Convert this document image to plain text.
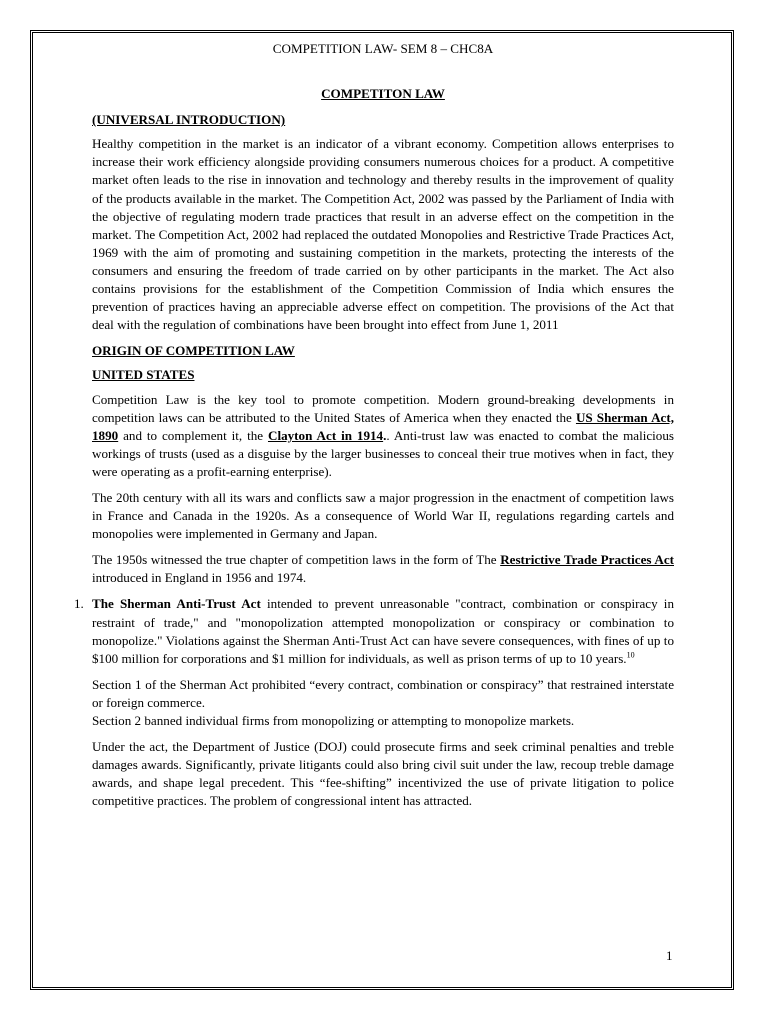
COMPETITION LAW- SEM 8 – CHC8A
COMPETITON LAW
(UNIVERSAL INTRODUCTION)

Healthy competition in the market is an indicator of a vibrant economy. Competition allows enterprises to increase their work efficiency alongside providing consumers numerous choices for a product. A competitive market often leads to the rise in innovation and technology and thereby results in the improvement of quality of the products available in the market. The Competition Act, 2002 was passed by the Parliament of India with the objective of regulating modern trade practices that result in an adverse effect on the competition in the market. The Competition Act, 2002 had replaced the outdated Monopolies and Restrictive Trade Practices Act, 1969 with the aim of promoting and sustaining competition in the markets, protecting the interests of the consumers and ensuring the freedom of trade carried on by other participants in the market. The Act also contains provisions for the establishment of the Competition Commission of India which ensures the prevention of practices having an appreciable adverse effect on competition. The provisions of the Act that deal with the regulation of combinations have been brought into effect from June 1, 2011

ORIGIN OF COMPETITION LAW
UNITED STATES

Competition Law is the key tool to promote competition. Modern ground-breaking developments in competition laws can be attributed to the United States of America when they enacted the US Sherman Act, 1890 and to complement it, the Clayton Act in 1914.. Anti-trust law was enacted to combat the malicious workings of trusts (used as a disguise by the larger businesses to conceal their true motives when in fact, they were operating as a profit-earning enterprise).

The 20th century with all its wars and conflicts saw a major progression in the enactment of competition laws in France and Canada in the 1920s. As a consequence of World War II, regulations regarding cartels and monopolies were implemented in Germany and Japan.

The 1950s witnessed the true chapter of competition laws in the form of The Restrictive Trade Practices Act introduced in England in 1956 and 1974.

1. The Sherman Anti-Trust Act intended to prevent unreasonable "contract, combination or conspiracy in restraint of trade," and "monopolization attempted monopolization or conspiracy or combination to monopolize." Violations against the Sherman Anti-Trust Act can have severe consequences, with fines of up to $100 million for corporations and $1 million for individuals, as well as prison terms of up to 10 years.$^{10}$

Section 1 of the Sherman Act prohibited “every contract, combination or conspiracy” that restrained interstate or foreign commerce.

Section 2 banned individual firms from monopolizing or attempting to monopolize markets.

Under the act, the Department of Justice (DOJ) could prosecute firms and seek criminal penalties and treble damages awards. Significantly, private litigants could also bring civil suit under the law, recoup treble damage awards, and shape legal precedent. This “fee-shifting” incentivized the use of private litigation to police competitive practices. The problem of congressional intent has attracted.

1
